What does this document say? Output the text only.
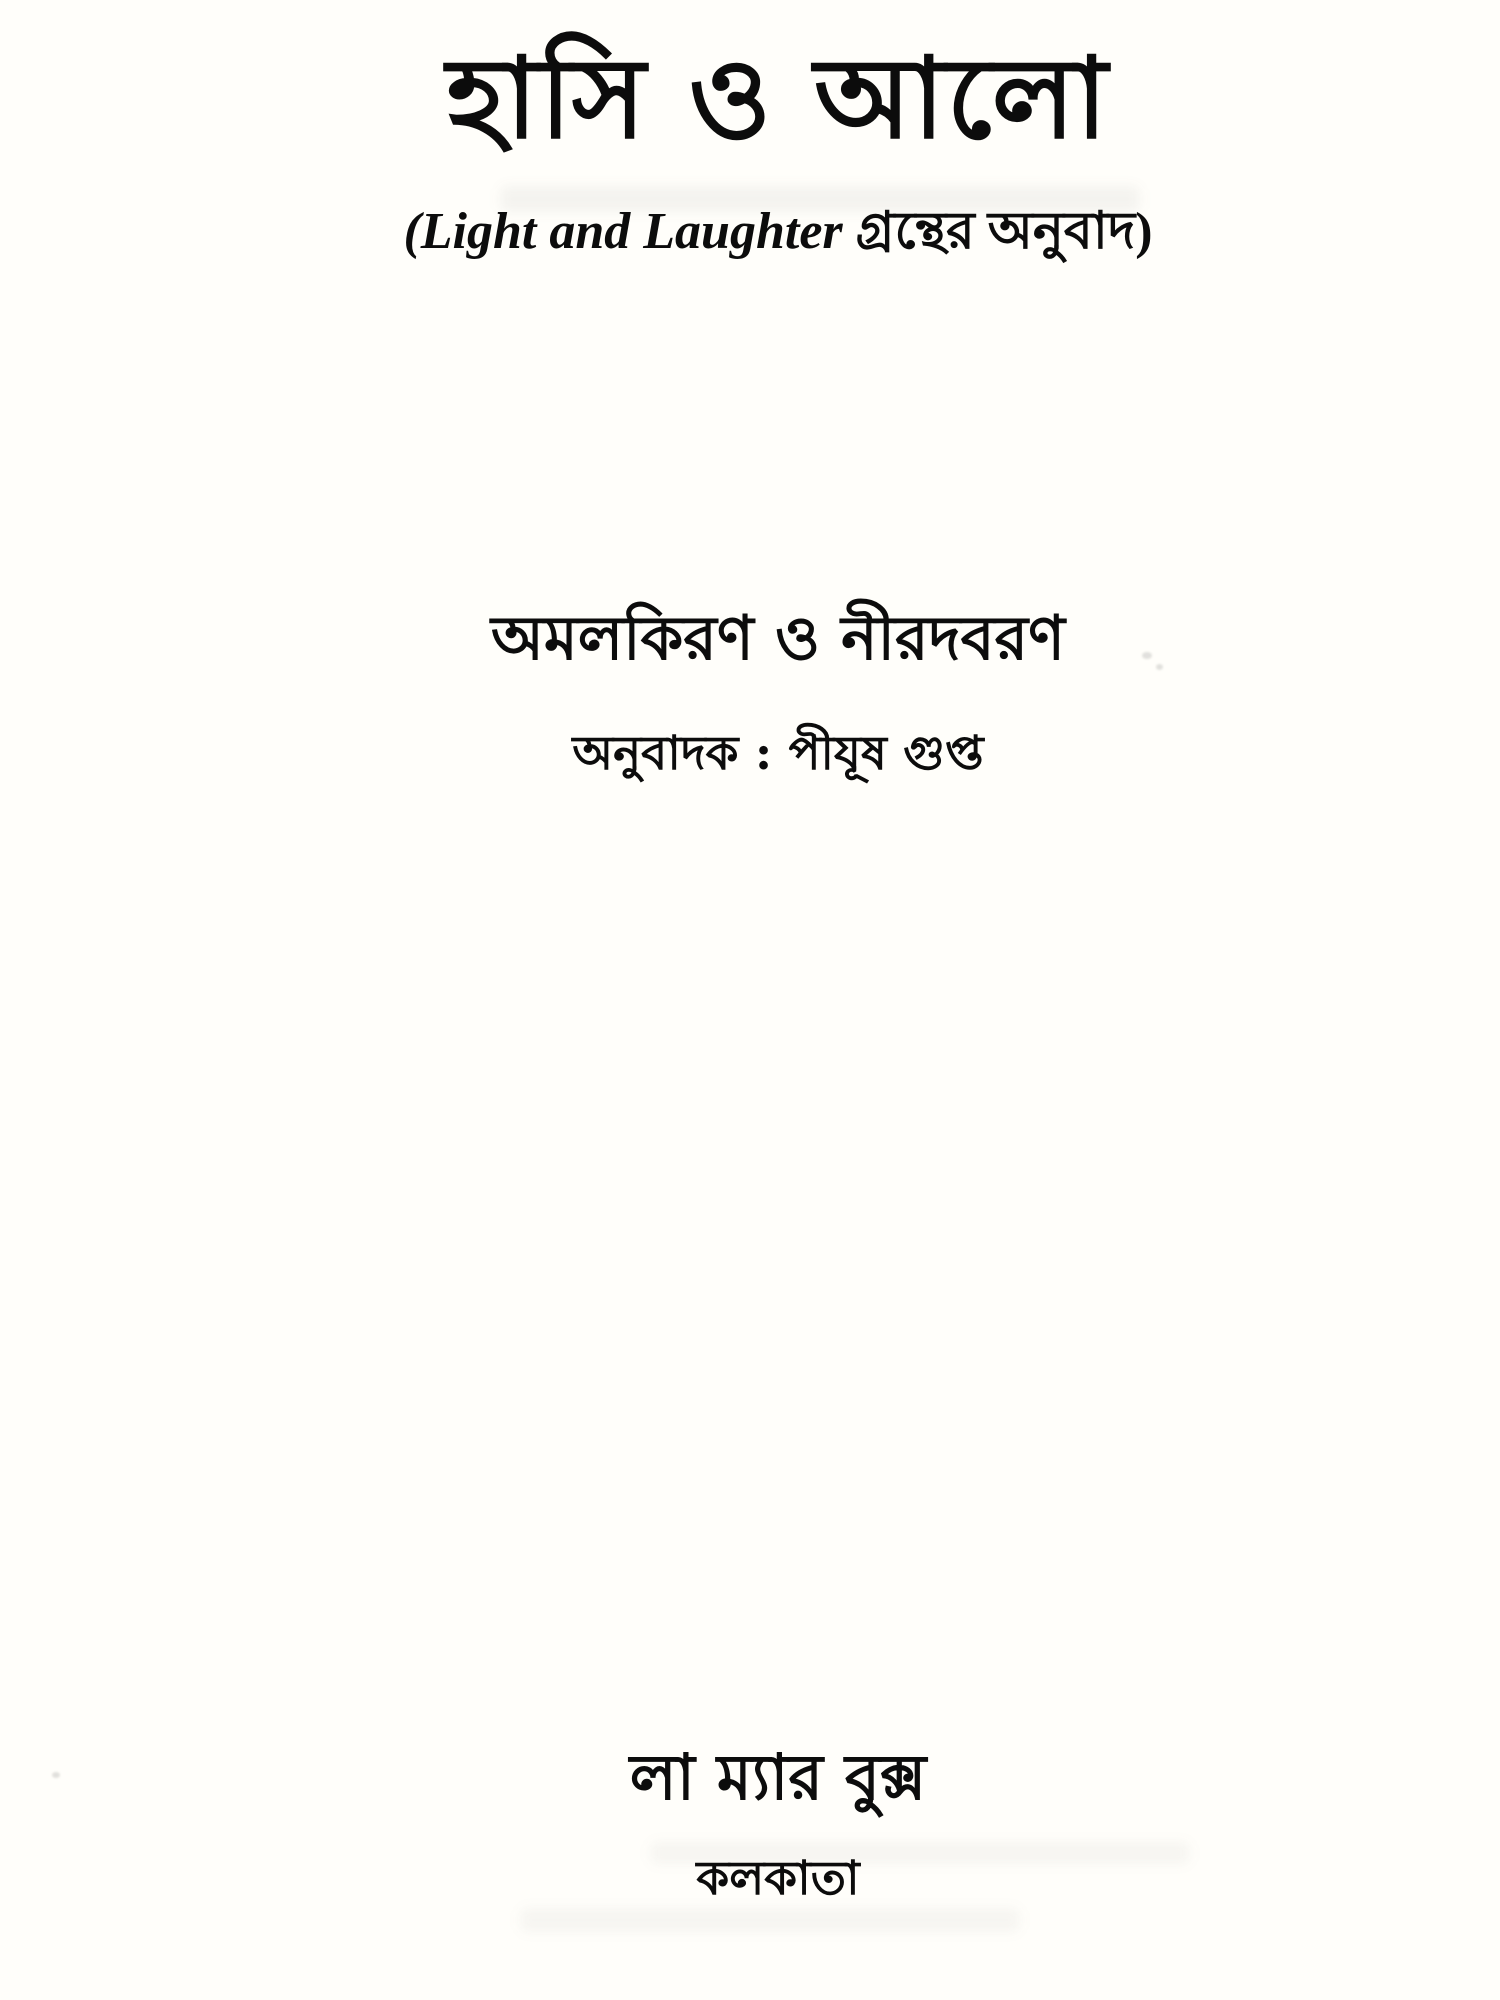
হাসি ও আলো
(Light and Laughter গ্রন্থের অনুবাদ)
অমলকিরণ ও নীরদবরণ
অনুবাদক : পীযূষ গুপ্ত
লা ম্যার বুক্স
কলকাতা
